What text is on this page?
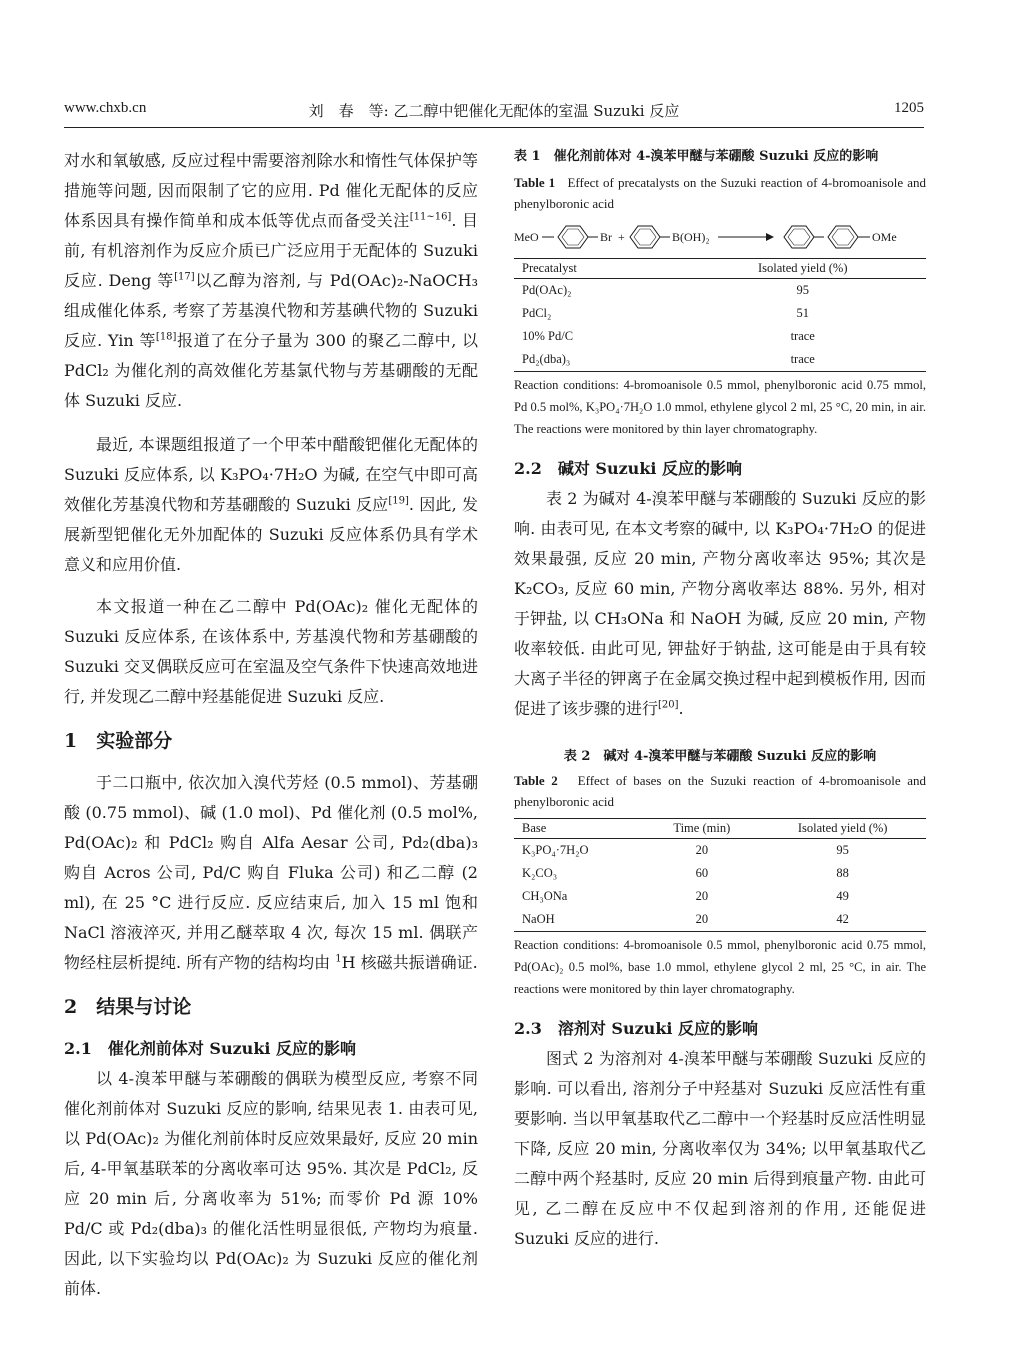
www.chxb.cn	刘　春　等: 乙二醇中钯催化无配体的室温 Suzuki 反应	1205

对水和氧敏感, 反应过程中需要溶剂除水和惰性气体保护等措施等问题, 因而限制了它的应用. Pd 催化无配体的反应体系因具有操作简单和成本低等优点而备受关注[11~16]. 目前, 有机溶剂作为反应介质已广泛应用于无配体的 Suzuki 反应. Deng 等[17]以乙醇为溶剂, 与 Pd(OAc)₂-NaOCH₃ 组成催化体系, 考察了芳基溴代物和芳基碘代物的 Suzuki 反应. Yin 等[18]报道了在分子量为 300 的聚乙二醇中, 以 PdCl₂ 为催化剂的高效催化芳基氯代物与芳基硼酸的无配体 Suzuki 反应.

最近, 本课题组报道了一个甲苯中醋酸钯催化无配体的 Suzuki 反应体系, 以 K₃PO₄·7H₂O 为碱, 在空气中即可高效催化芳基溴代物和芳基硼酸的 Suzuki 反应[19]. 因此, 发展新型钯催化无外加配体的 Suzuki 反应体系仍具有学术意义和应用价值.

本文报道一种在乙二醇中 Pd(OAc)₂ 催化无配体的 Suzuki 反应体系, 在该体系中, 芳基溴代物和芳基硼酸的 Suzuki 交叉偶联反应可在室温及空气条件下快速高效地进行, 并发现乙二醇中羟基能促进 Suzuki 反应.

1　实验部分

于二口瓶中, 依次加入溴代芳烃 (0.5 mmol)、芳基硼酸 (0.75 mmol)、碱 (1.0 mol)、Pd 催化剂 (0.5 mol%, Pd(OAc)₂ 和 PdCl₂ 购自 Alfa Aesar 公司, Pd₂(dba)₃ 购自 Acros 公司, Pd/C 购自 Fluka 公司) 和乙二醇 (2 ml), 在 25 °C 进行反应. 反应结束后, 加入 15 ml 饱和 NaCl 溶液淬灭, 并用乙醚萃取 4 次, 每次 15 ml. 偶联产物经柱层析提纯. 所有产物的结构均由 $^1$H 核磁共振谱确证.

2　结果与讨论
2.1　催化剂前体对 Suzuki 反应的影响

以 4-溴苯甲醚与苯硼酸的偶联为模型反应, 考察不同催化剂前体对 Suzuki 反应的影响, 结果见表 1. 由表可见, 以 Pd(OAc)₂ 为催化剂前体时反应效果最好, 反应 20 min 后, 4-甲氧基联苯的分离收率可达 95%. 其次是 PdCl₂, 反应 20 min 后, 分离收率为 51%; 而零价 Pd 源 10% Pd/C 或 Pd₂(dba)₃ 的催化活性明显很低, 产物均为痕量. 因此, 以下实验均以 Pd(OAc)₂ 为 Suzuki 反应的催化剂前体.

表 1　催化剂前体对 4-溴苯甲醚与苯硼酸 Suzuki 反应的影响

Table 1 Effect of precatalysts on the Suzuki reaction of 4-bromoanisole and phenylboronic acid

MeO	Br +	B(OH)₂	OMe
Precatalyst	Isolated yield (%)
Pd(OAc)₂	95
PdCl₂	51
10% Pd/C	trace
Pd₂(dba)₃	trace

Reaction conditions: 4-bromoanisole 0.5 mmol, phenylboronic acid 0.75 mmol, Pd 0.5 mol%, K₃PO₄·7H₂O 1.0 mmol, ethylene glycol 2 ml, 25 °C, 20 min, in air. The reactions were monitored by thin layer chromatography.

2.2　碱对 Suzuki 反应的影响

表 2 为碱对 4-溴苯甲醚与苯硼酸的 Suzuki 反应的影响. 由表可见, 在本文考察的碱中, 以 K₃PO₄·7H₂O 的促进效果最强, 反应 20 min, 产物分离收率达 95%; 其次是 K₂CO₃, 反应 60 min, 产物分离收率达 88%. 另外, 相对于钾盐, 以 CH₃ONa 和 NaOH 为碱, 反应 20 min, 产物收率较低. 由此可见, 钾盐好于钠盐, 这可能是由于具有较大离子半径的钾离子在金属交换过程中起到模板作用, 因而促进了该步骤的进行[20].

表 2　碱对 4-溴苯甲醚与苯硼酸 Suzuki 反应的影响

Table 2 Effect of bases on the Suzuki reaction of 4-bromoanisole and phenylboronic acid

Base	Time (min)	Isolated yield (%)
K₃PO₄·7H₂O	20	95
K₂CO₃	60	88
CH₃ONa	20	49
NaOH	20	42

Reaction conditions: 4-bromoanisole 0.5 mmol, phenylboronic acid 0.75 mmol, Pd(OAc)₂ 0.5 mol%, base 1.0 mmol, ethylene glycol 2 ml, 25 °C, in air. The reactions were monitored by thin layer chromatography.

2.3　溶剂对 Suzuki 反应的影响

图式 2 为溶剂对 4-溴苯甲醚与苯硼酸 Suzuki 反应的影响. 可以看出, 溶剂分子中羟基对 Suzuki 反应活性有重要影响. 当以甲氧基取代乙二醇中一个羟基时反应活性明显下降, 反应 20 min, 分离收率仅为 34%; 以甲氧基取代乙二醇中两个羟基时, 反应 20 min 后得到痕量产物. 由此可见, 乙二醇在反应中不仅起到溶剂的作用, 还能促进 Suzuki 反应的进行.
